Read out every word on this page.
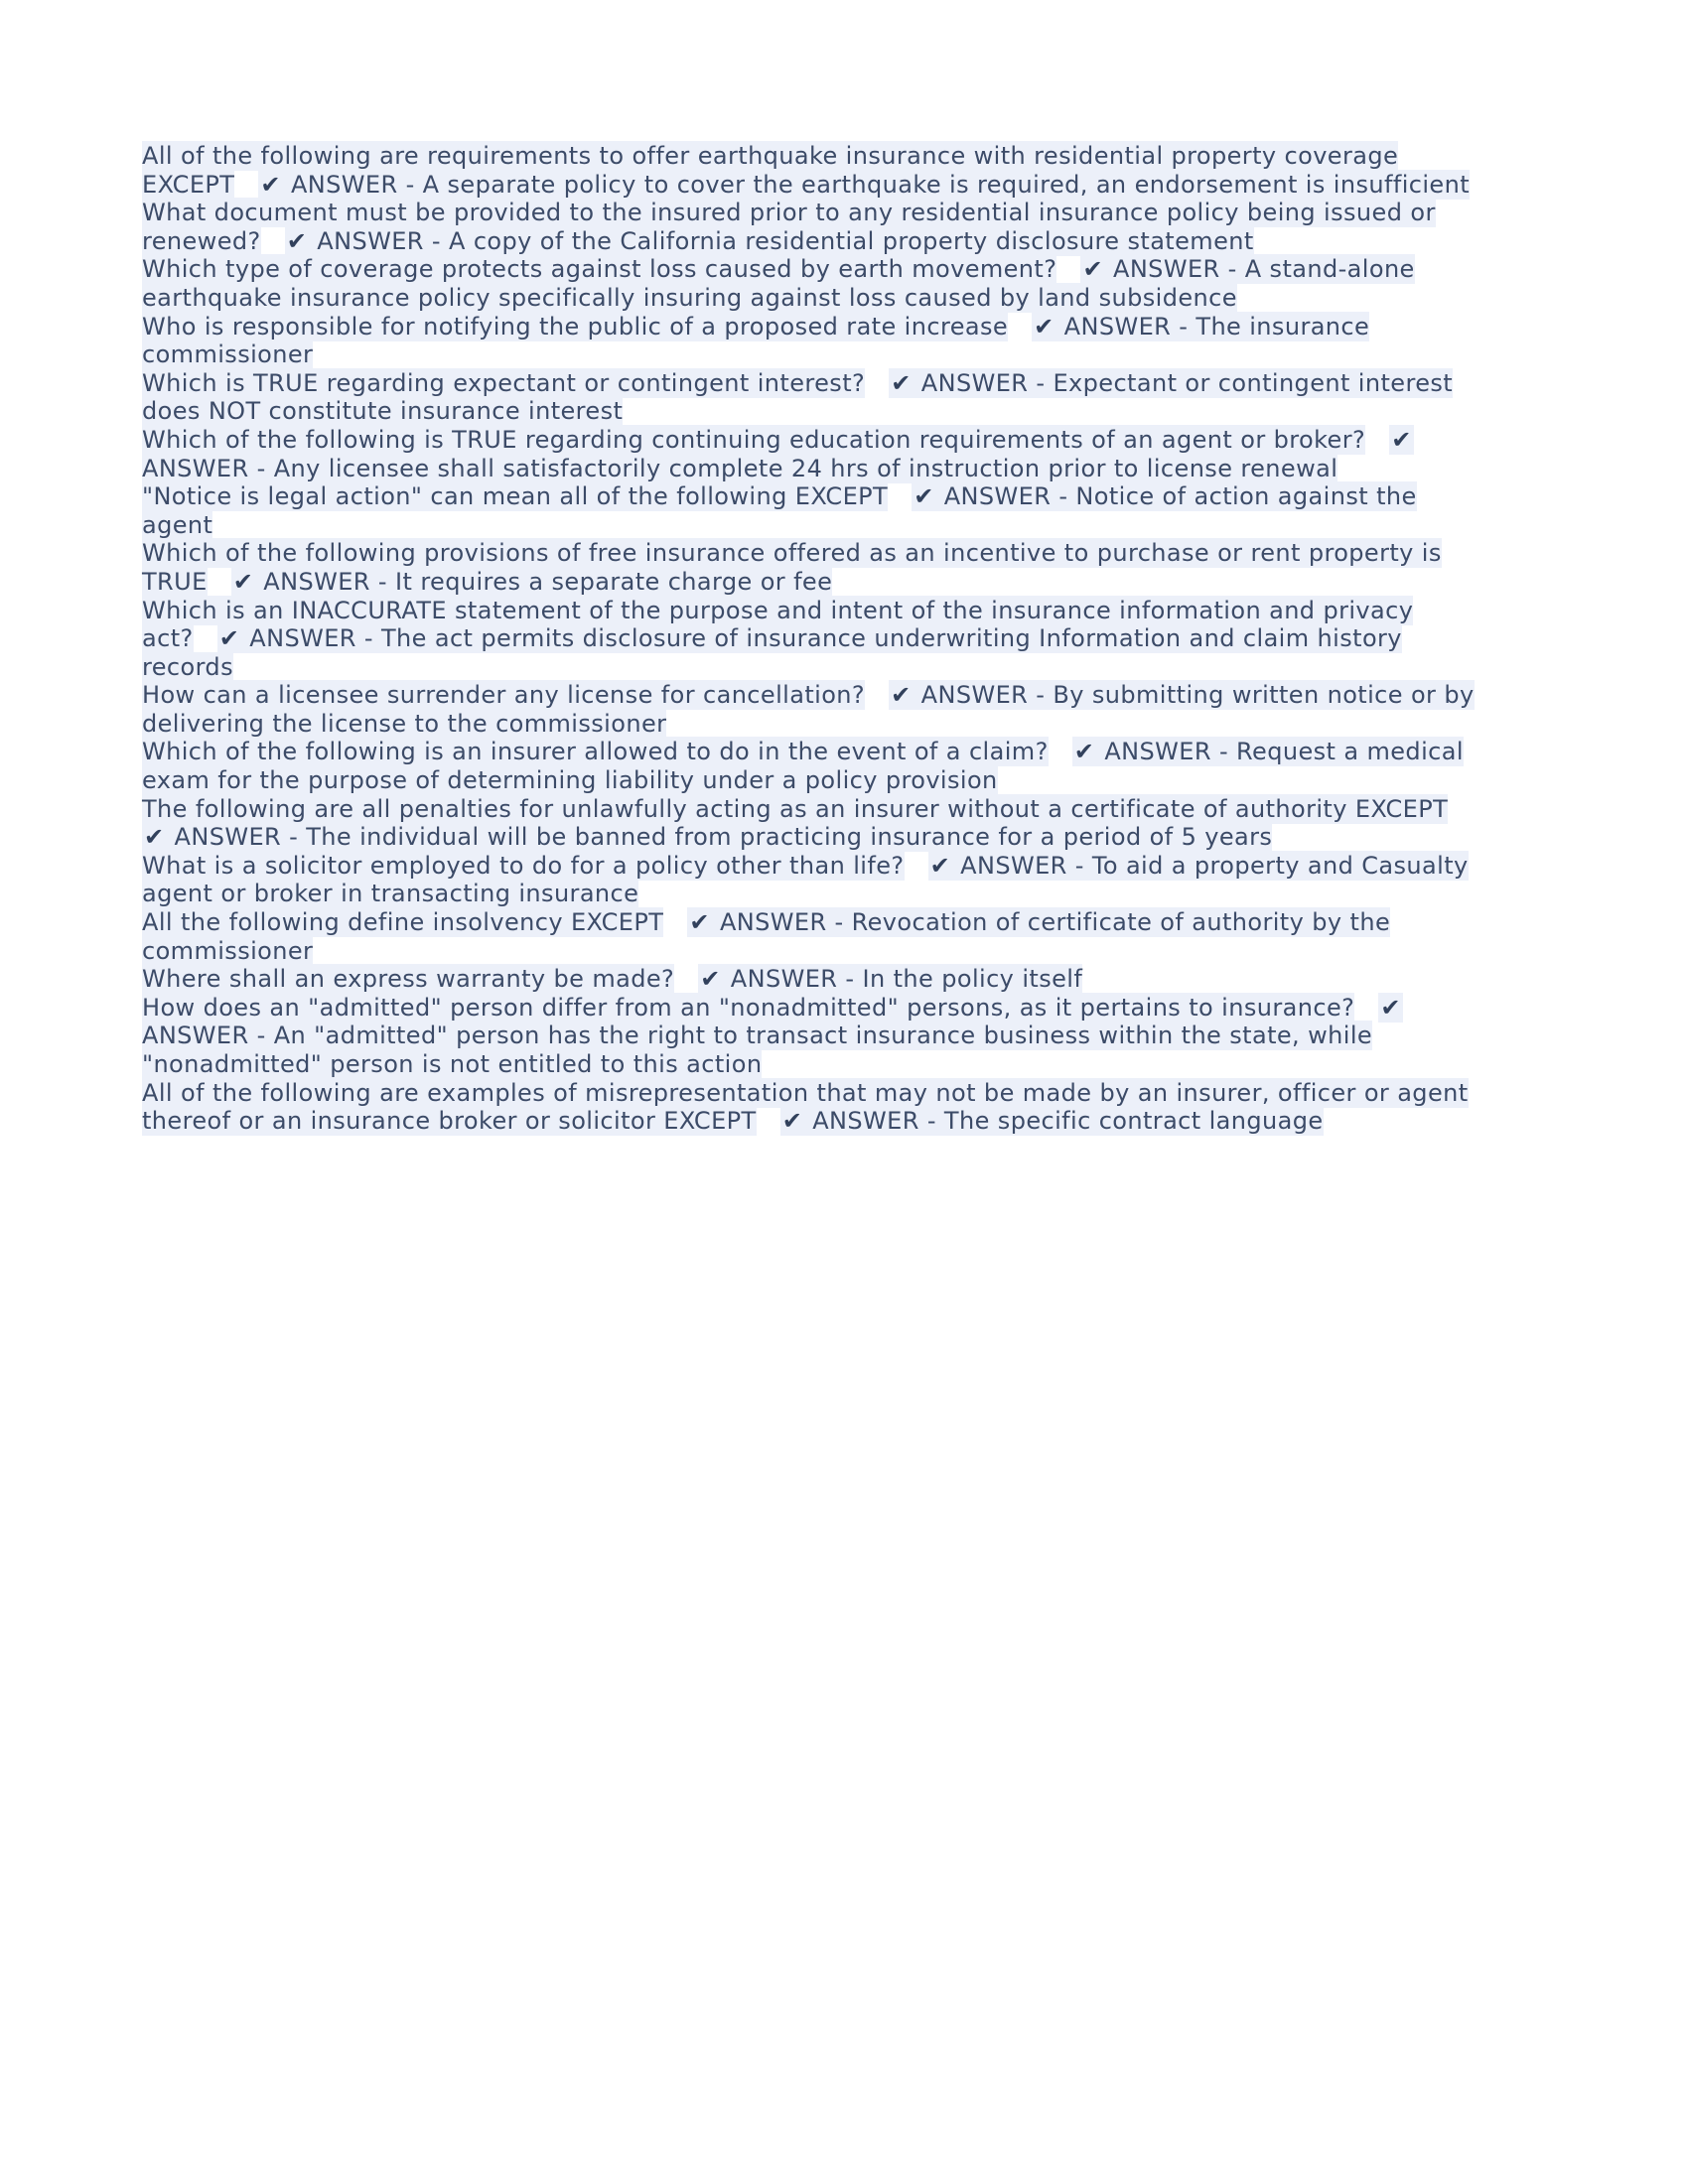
All of the following are requirements to offer earthquake insurance with residential property coverage EXCEPT ✔ ANSWER - A separate policy to cover the earthquake is required, an endorsement is insufficient

What document must be provided to the insured prior to any residential insurance policy being issued or renewed? ✔ ANSWER - A copy of the California residential property disclosure statement

Which type of coverage protects against loss caused by earth movement? ✔ ANSWER - A stand-alone earthquake insurance policy specifically insuring against loss caused by land subsidence

Who is responsible for notifying the public of a proposed rate increase ✔ ANSWER - The insurance commissioner

Which is TRUE regarding expectant or contingent interest? ✔ ANSWER - Expectant or contingent interest does NOT constitute insurance interest

Which of the following is TRUE regarding continuing education requirements of an agent or broker? ✔ ANSWER - Any licensee shall satisfactorily complete 24 hrs of instruction prior to license renewal

"Notice is legal action" can mean all of the following EXCEPT ✔ ANSWER - Notice of action against the agent

Which of the following provisions of free insurance offered as an incentive to purchase or rent property is TRUE ✔ ANSWER - It requires a separate charge or fee

Which is an INACCURATE statement of the purpose and intent of the insurance information and privacy act? ✔ ANSWER - The act permits disclosure of insurance underwriting Information and claim history records

How can a licensee surrender any license for cancellation? ✔ ANSWER - By submitting written notice or by delivering the license to the commissioner

Which of the following is an insurer allowed to do in the event of a claim? ✔ ANSWER - Request a medical exam for the purpose of determining liability under a policy provision

The following are all penalties for unlawfully acting as an insurer without a certificate of authority EXCEPT   ✔ ANSWER - The individual will be banned from practicing insurance for a period of 5 years

What is a solicitor employed to do for a policy other than life? ✔ ANSWER - To aid a property and Casualty agent or broker in transacting insurance

All the following define insolvency EXCEPT ✔ ANSWER - Revocation of certificate of authority by the commissioner

Where shall an express warranty be made? ✔ ANSWER - In the policy itself

How does an "admitted" person differ from an "nonadmitted" persons, as it pertains to insurance? ✔ ANSWER - An "admitted" person has the right to transact insurance business within the state, while "nonadmitted" person is not entitled to this action

All of the following are examples of misrepresentation that may not be made by an insurer, officer or agent thereof or an insurance broker or solicitor EXCEPT ✔ ANSWER - The specific contract language
